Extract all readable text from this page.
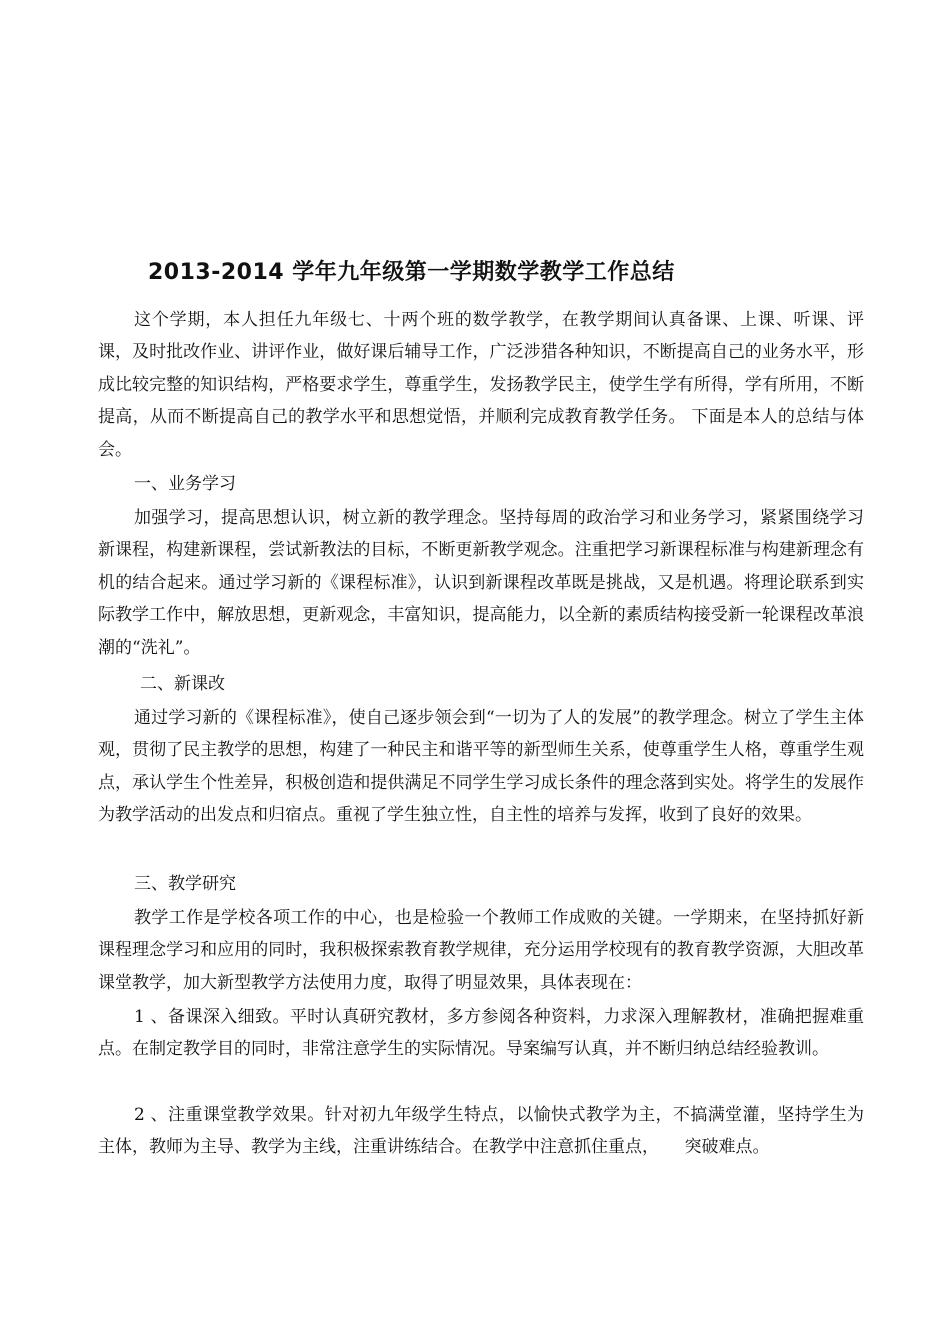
2013-2014 学年九年级第一学期数学教学工作总结

这个学期，本人担任九年级七、十两个班的数学教学，在教学期间认真备课、上课、听课、评课，及时批改作业、讲评作业，做好课后辅导工作，广泛涉猎各种知识，不断提高自己的业务水平，形成比较完整的知识结构，严格要求学生，尊重学生，发扬教学民主，使学生学有所得，学有所用，不断提高，从而不断提高自己的教学水平和思想觉悟，并顺利完成教育教学任务。 下面是本人的总结与体会。

一、业务学习

加强学习，提高思想认识，树立新的教学理念。坚持每周的政治学习和业务学习，紧紧围绕学习新课程，构建新课程，尝试新教法的目标，不断更新教学观念。注重把学习新课程标准与构建新理念有机的结合起来。通过学习新的《课程标准》，认识到新课程改革既是挑战，又是机遇。将理论联系到实际教学工作中，解放思想，更新观念，丰富知识，提高能力，以全新的素质结构接受新一轮课程改革浪潮的“洗礼”。

二、新课改

通过学习新的《课程标准》，使自己逐步领会到“一切为了人的发展”的教学理念。树立了学生主体观，贯彻了民主教学的思想，构建了一种民主和谐平等的新型师生关系，使尊重学生人格，尊重学生观点，承认学生个性差异，积极创造和提供满足不同学生学习成长条件的理念落到实处。将学生的发展作为教学活动的出发点和归宿点。重视了学生独立性，自主性的培养与发挥，收到了良好的效果。

三、教学研究

教学工作是学校各项工作的中心，也是检验一个教师工作成败的关键。一学期来，在坚持抓好新课程理念学习和应用的同时，我积极探索教育教学规律，充分运用学校现有的教育教学资源，大胆改革课堂教学，加大新型教学方法使用力度，取得了明显效果，具体表现在：

1 、备课深入细致。平时认真研究教材，多方参阅各种资料，力求深入理解教材，准确把握难重点。在制定教学目的同时，非常注意学生的实际情况。导案编写认真，并不断归纳总结经验教训。

2 、注重课堂教学效果。针对初九年级学生特点，以愉快式教学为主，不搞满堂灌，坚持学生为主体，教师为主导、教学为主线，注重讲练结合。在教学中注意抓住重点，　　突破难点。
